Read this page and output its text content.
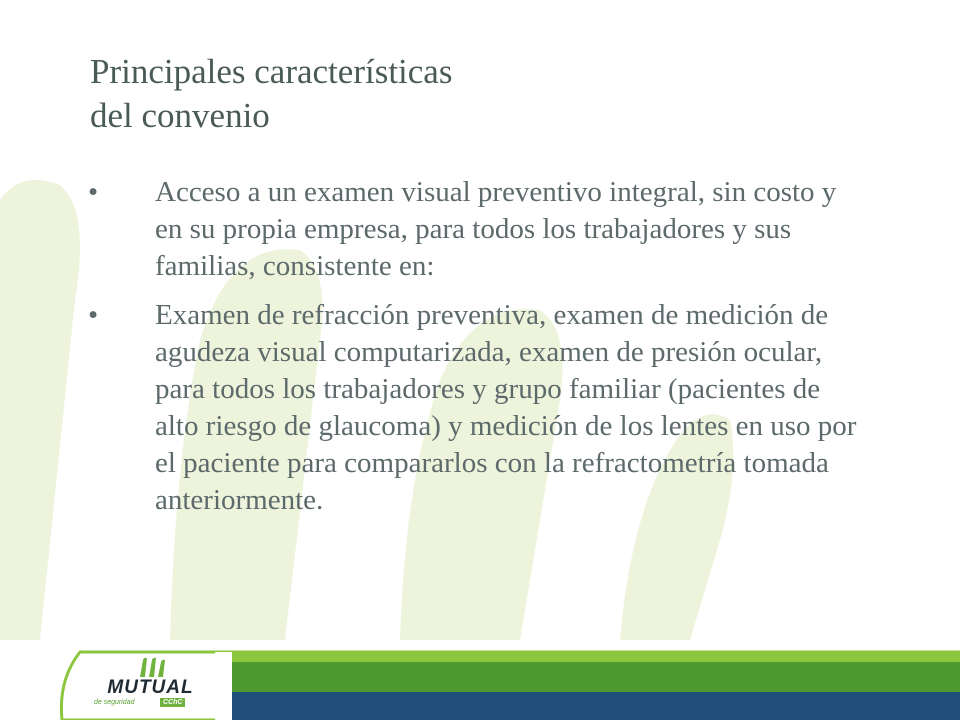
Principales características
del convenio
• Acceso a un examen visual preventivo integral, sin costo y en su propia empresa, para todos los trabajadores y sus familias, consistente en:
• Examen de refracción preventiva, examen de medición de agudeza visual computarizada, examen de presión ocular, para todos los trabajadores y grupo familiar (pacientes de alto riesgo de glaucoma) y medición de los lentes en uso por el paciente para compararlos con la refractometría tomada anteriormente.
MUTUAL
de seguridad	CChC
